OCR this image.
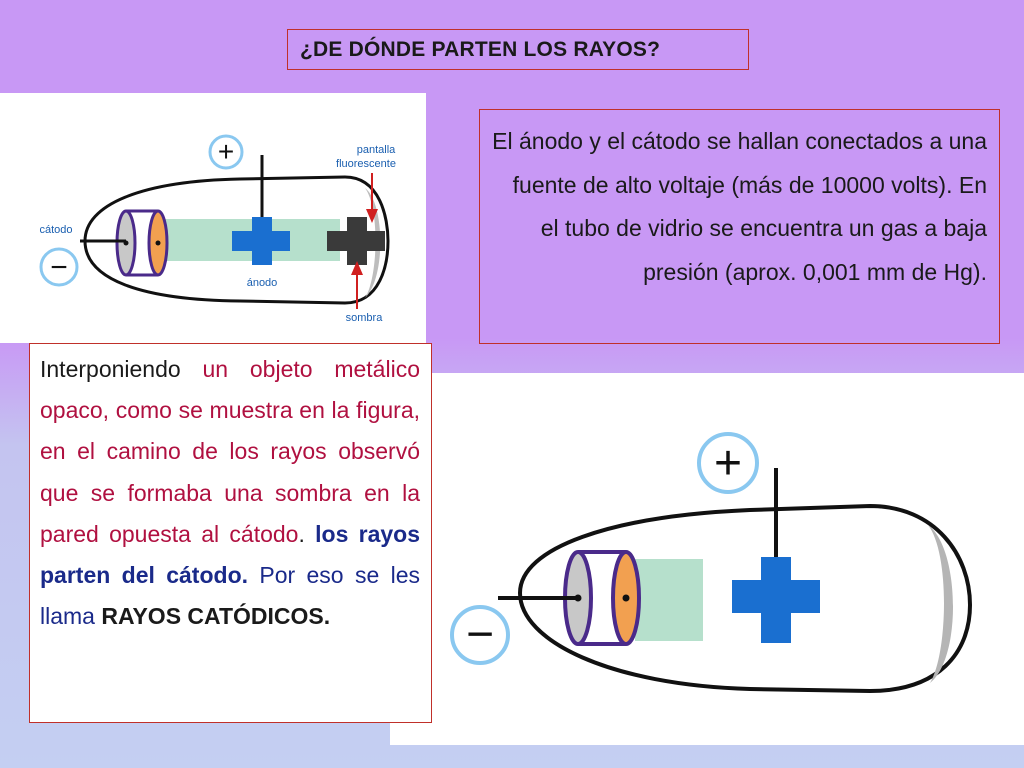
¿DE DÓNDE PARTEN LOS RAYOS?
+
−
pantalla
fluorescente
cátodo
ánodo
sombra
+
−
El ánodo y el cátodo se hallan conectados a una fuente de alto voltaje (más de 10000 volts). En el tubo de vidrio se encuentra un gas a baja presión (aprox. 0,001 mm de Hg).
Interponiendo un objeto metálico opaco, como se muestra en la figura, en el camino de los rayos observó que se formaba una sombra en la pared opuesta al cátodo. los rayos parten del cátodo. Por eso se les llama RAYOS CATÓDICOS.
